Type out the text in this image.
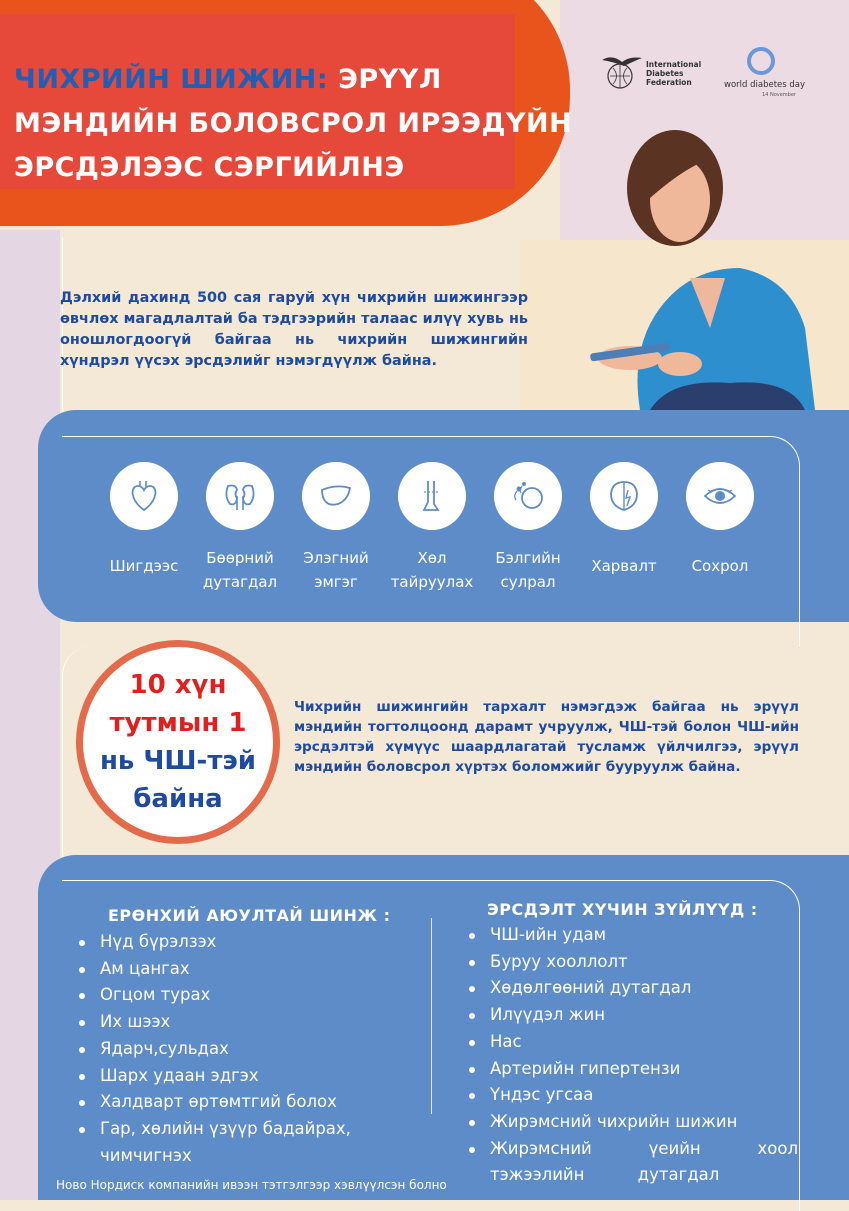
ЧИХРИЙН ШИЖИН: ЭРҮҮЛ
МЭНДИЙН БОЛОВСРОЛ ИРЭЭДҮЙН
ЭРСДЭЛЭЭС СЭРГИЙЛНЭ
International
Diabetes
Federation	world diabetes day
14 November

Дэлхий дахинд 500 сая гаруй хүн чихрийн шижингээр өвчлөх магадлалтай ба тэдгээрийн талаас илүү хувь нь оношлогдоогүй байгаа нь чихрийн шижингийн хүндрэл үүсэх эрсдэлийг нэмэгдүүлж байна.

Шигдээс	Бөөрний
дутагдал
Элэгний
эмгэг
Хөл
тайруулах
Бэлгийн
сулрал
Харвалт	Сохрол
10 хүн
тутмын 1
нь ЧШ-тэй
байна

Чихрийн шижингийн тархалт нэмэгдэж байгаа нь эрүүл мэндийн тогтолцоонд дарамт учруулж, ЧШ-тэй болон ЧШ-ийн эрсдэлтэй хүмүүс шаардлагатай тусламж үйлчилгээ, эрүүл мэндийн боловсрол хүртэх боломжийг бууруулж байна.

ЕРӨНХИЙ АЮУЛТАЙ ШИНЖ :
Нүд бүрэлзэх
Ам цангах
Огцом турах
Их шээх
Ядарч,сульдах
Шарх удаан эдгэх
Халдварт өртөмтгий болох
Гар, хөлийн үзүүр бадайрах, чимчигнэх
ЭРСДЭЛТ ХҮЧИН ЗҮЙЛҮҮД :
ЧШ-ийн удам
Буруу хооллолт
Хөдөлгөөний дутагдал
Илүүдэл жин
Нас
Артерийн гипертензи
Үндэс угсаа
Жирэмсний чихрийн шижин
Жирэмсний үеийн хоол тэжээлийн дутагдал
Ново Нордиск компанийн ивээн тэтгэлгээр хэвлүүлсэн болно
